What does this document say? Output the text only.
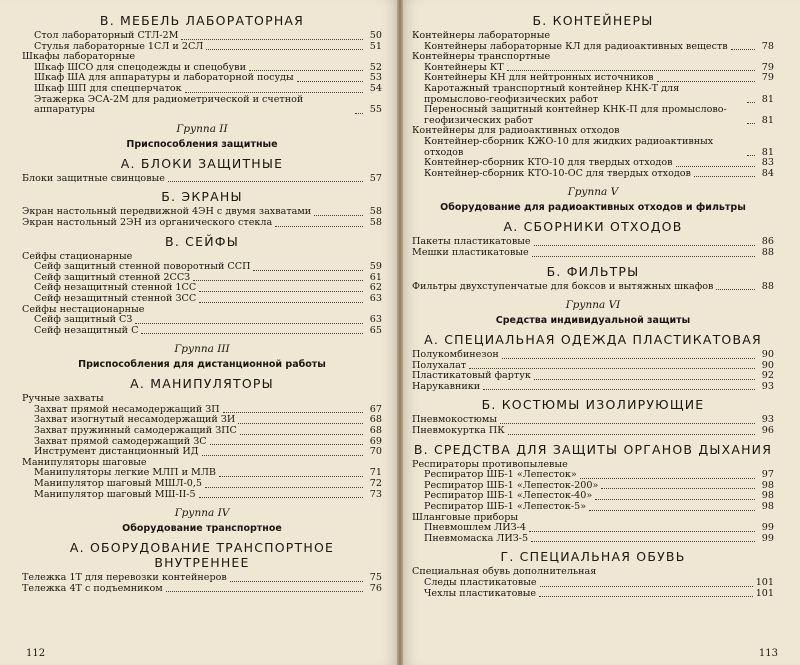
В. МЕБЕЛЬ ЛАБОРАТОРНАЯ
Стол лабораторный СТЛ-2М	50
Стулья лабораторные 1СЛ и 2СЛ	51
Шкафы лабораторные
Шкаф ШСО для спецодежды и спецобуви	52
Шкаф ША для аппаратуры и лабораторной посуды	53
Шкаф ШП для спецперчаток	54
Этажерка ЭСА-2М для радиометрической и счетной аппаратуры	55
Группа II
Приспособления защитные
А. БЛОКИ ЗАЩИТНЫЕ
Блоки защитные свинцовые	57
Б. ЭКРАНЫ
Экран настольный передвижной 4ЭН с двумя захватами	58
Экран настольный 2ЭН из органического стекла	58
В. СЕЙФЫ
Сейфы стационарные
Сейф защитный стенной поворотный ССП	59
Сейф защитный стенной 2ССЗ	61
Сейф незащитный стенной 1СС	62
Сейф незащитный стенной 3СС	63
Сейфы нестационарные
Сейф защитный СЗ	63
Сейф незащитный С	65
Группа III
Приспособления для дистанционной работы
А. МАНИПУЛЯТОРЫ
Ручные захваты
Захват прямой несамодержащий ЗП	67
Захват изогнутый несамодержащий ЗИ	68
Захват пружинный самодержащий ЗПС	68
Захват прямой самодержащий ЗС	69
Инструмент дистанционный ИД	70
Манипуляторы шаговые
Манипуляторы легкие МЛП и МЛВ	71
Манипулятор шаговый МШЛ-0,5	72
Манипулятор шаговый МШ-II-5	73
Группа IV
Оборудование транспортное
А. ОБОРУДОВАНИЕ ТРАНСПОРТНОЕ ВНУТРЕННЕЕ
Тележка 1Т для перевозки контейнеров	75
Тележка 4Т с подъемником	76
112
Б. КОНТЕЙНЕРЫ
Контейнеры лабораторные
Контейнеры лабораторные КЛ для радиоактивных веществ	78
Контейнеры транспортные
Контейнеры КТ	79
Контейнеры КН для нейтронных источников	79
Каротажный транспортный контейнер КНК-Т для промыслово-геофизических работ	81
Переносный защитный контейнер КНК-П для промыслово-геофизических работ	81
Контейнеры для радиоактивных отходов
Контейнер-сборник КЖО-10 для жидких радиоактивных отходов	81
Контейнер-сборник КТО-10 для твердых отходов	83
Контейнер-сборник КТО-10-ОС для твердых отходов	84
Группа V
Оборудование для радиоактивных отходов и фильтры
А. СБОРНИКИ ОТХОДОВ
Пакеты пластикатовые	86
Мешки пластикатовые	88
Б. ФИЛЬТРЫ
Фильтры двухступенчатые для боксов и вытяжных шкафов	88
Группа VI
Средства индивидуальной защиты
А. СПЕЦИАЛЬНАЯ ОДЕЖДА ПЛАСТИКАТОВАЯ
Полукомбинезон	90
Полухалат	90
Пластикатовый фартук	92
Нарукавники	93
Б. КОСТЮМЫ ИЗОЛИРУЮЩИЕ
Пневмокостюмы	93
Пневмокуртка ПК	96
В. СРЕДСТВА ДЛЯ ЗАЩИТЫ ОРГАНОВ ДЫХАНИЯ
Респираторы противопылевые
Респиратор ШБ-1 «Лепесток»	97
Респиратор ШБ-1 «Лепесток-200»	98
Респиратор ШБ-1 «Лепесток-40»	98
Респиратор ШБ-1 «Лепесток-5»	98
Шланговые приборы
Пневмошлем ЛИЗ-4	99
Пневмомаска ЛИЗ-5	99
Г. СПЕЦИАЛЬНАЯ ОБУВЬ
Специальная обувь дополнительная
Следы пластикатовые	101
Чехлы пластикатовые	101
113
